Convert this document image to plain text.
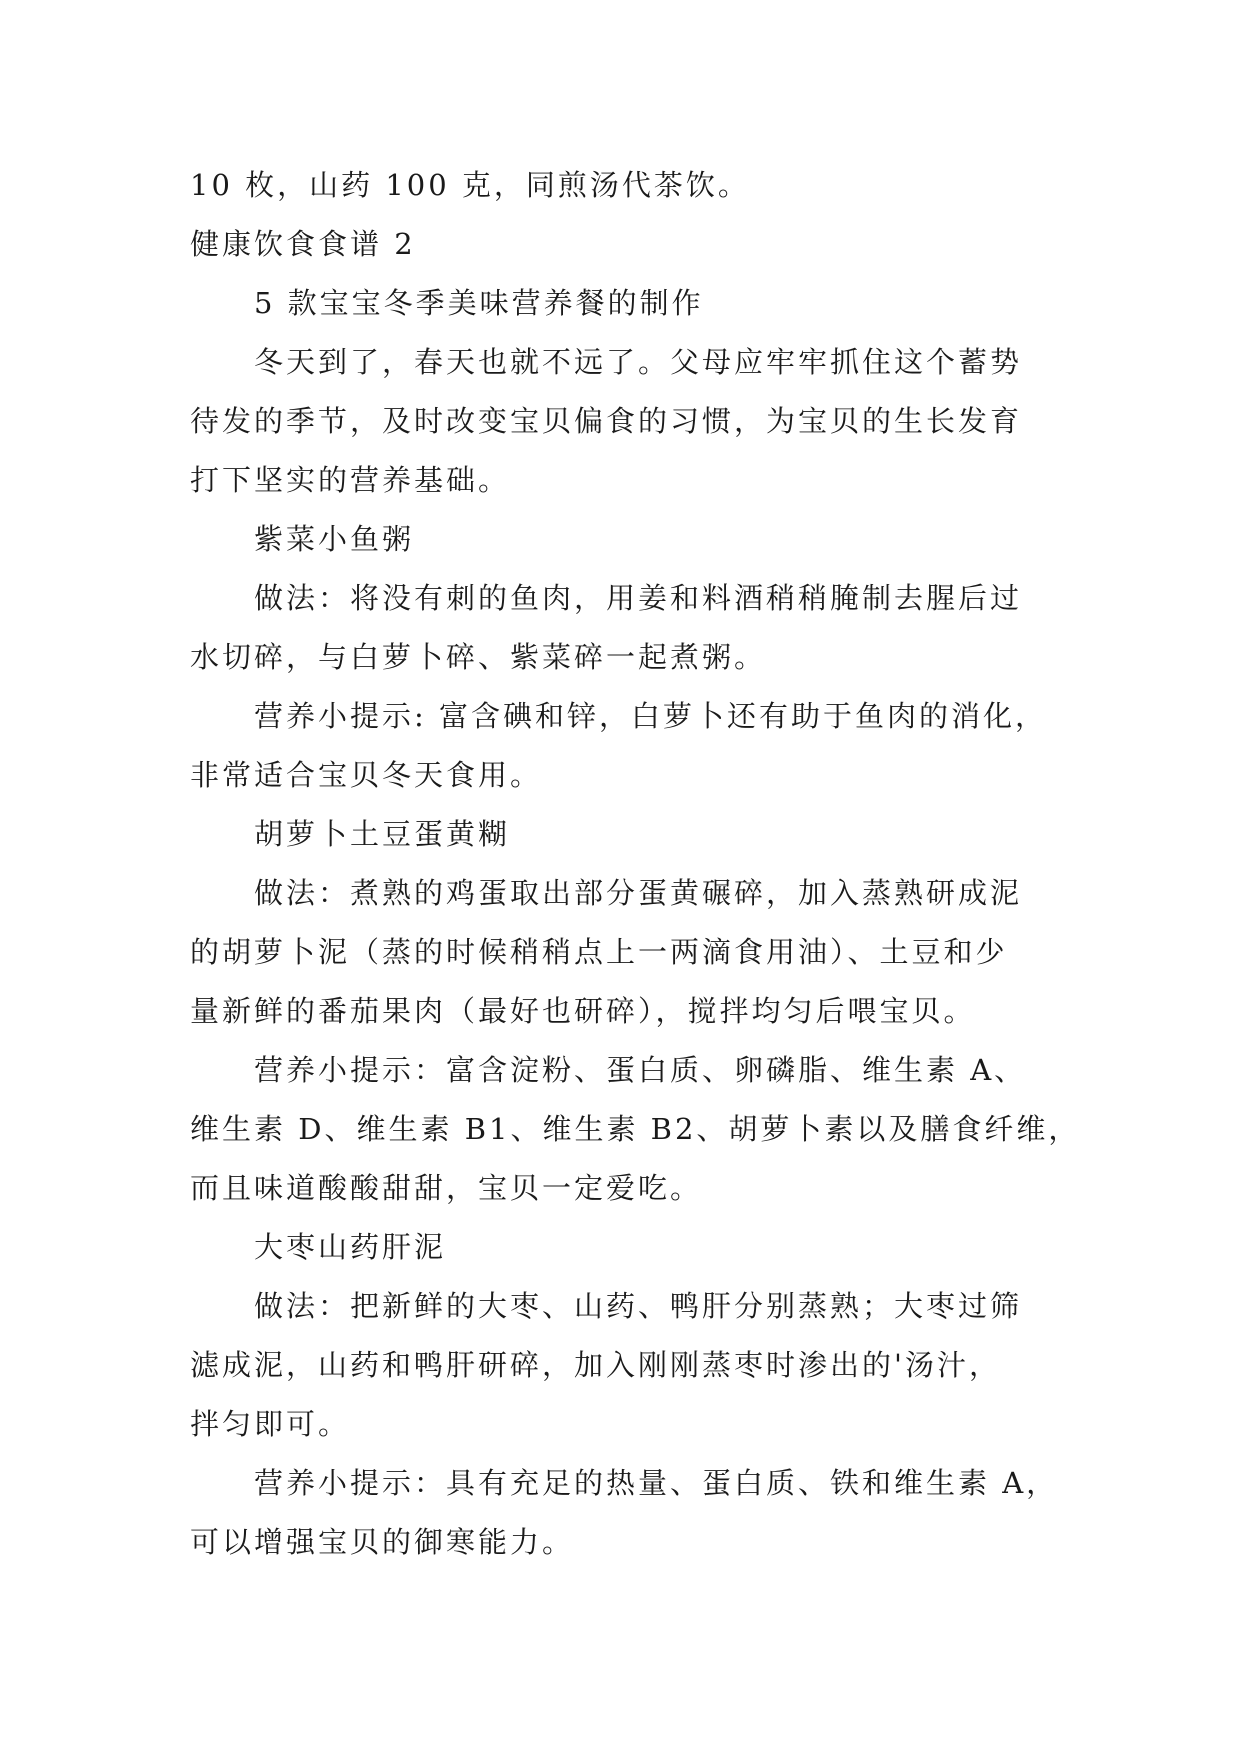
10 枚，山药 100 克，同煎汤代茶饮。
健康饮食食谱 2
5 款宝宝冬季美味营养餐的制作
冬天到了，春天也就不远了。父母应牢牢抓住这个蓄势
待发的季节，及时改变宝贝偏食的习惯，为宝贝的生长发育
打下坚实的营养基础。
紫菜小鱼粥
做法：将没有刺的鱼肉，用姜和料酒稍稍腌制去腥后过
水切碎，与白萝卜碎、紫菜碎一起煮粥。
营养小提示: 富含碘和锌，白萝卜还有助于鱼肉的消化，
非常适合宝贝冬天食用。
胡萝卜土豆蛋黄糊
做法：煮熟的鸡蛋取出部分蛋黄碾碎，加入蒸熟研成泥
的胡萝卜泥（蒸的时候稍稍点上一两滴食用油）、土豆和少
量新鲜的番茄果肉（最好也研碎），搅拌均匀后喂宝贝。
营养小提示：富含淀粉、蛋白质、卵磷脂、维生素 A、
维生素 D、维生素 B1、维生素 B2、胡萝卜素以及膳食纤维，
而且味道酸酸甜甜，宝贝一定爱吃。
大枣山药肝泥
做法：把新鲜的大枣、山药、鸭肝分别蒸熟；大枣过筛
滤成泥，山药和鸭肝研碎，加入刚刚蒸枣时渗出的'汤汁，
拌匀即可。
营养小提示：具有充足的热量、蛋白质、铁和维生素 A，
可以增强宝贝的御寒能力。
